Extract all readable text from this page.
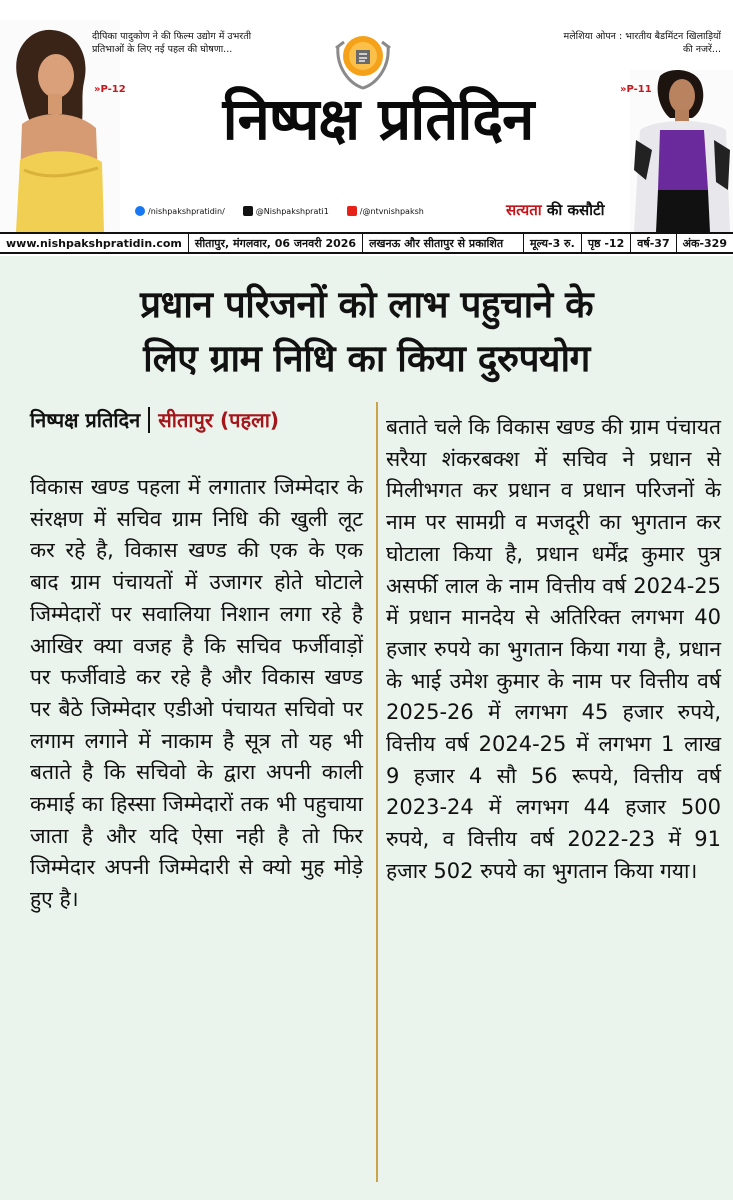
दीपिका पादुकोण ने की फिल्म उद्योग में उभरती प्रतिभाओं के लिए नई पहल की घोषणा...
»P-12
मलेशिया ओपन : भारतीय बैडमिंटन खिलाड़ियों की नजरें...
»P-11
निष्पक्ष प्रतिदिन
/nishpakshpratidin/	@Nishpakshprati1	/@ntvnishpaksh	सत्यता की कसौटी
www.nishpakshpratidin.com	सीतापुर, मंगलवार, 06 जनवरी 2026	लखनऊ और सीतापुर से प्रकाशित	मूल्य-3 रु.	पृष्ठ -12	वर्ष-37	अंक-329
प्रधान परिजनों को लाभ पहुचाने के
लिए ग्राम निधि का किया दुरुपयोग
निष्पक्ष प्रतिदिन सीतापुर (पहला)
विकास खण्ड पहला में लगातार जिम्मेदार के संरक्षण में सचिव ग्राम निधि की खुली लूट कर रहे है, विकास खण्ड की एक के एक बाद ग्राम पंचायतों में उजागर होते घोटाले जिम्मेदारों पर सवालिया निशान लगा रहे है आखिर क्या वजह है कि सचिव फर्जीवाड़ों पर फर्जीवाडे कर रहे है और विकास खण्ड पर बैठे जिम्मेदार एडीओ पंचायत सचिवो पर लगाम लगाने में नाकाम है सूत्र तो यह भी बताते है कि सचिवो के द्वारा अपनी काली कमाई का हिस्सा जिम्मेदारों तक भी पहुचाया जाता है और यदि ऐसा नही है तो फिर जिम्मेदार अपनी जिम्मेदारी से क्यो मुह मोड़े हुए है।
बताते चले कि विकास खण्ड की ग्राम पंचायत सरैया शंकरबक्श में सचिव ने प्रधान से मिलीभगत कर प्रधान व प्रधान परिजनों के नाम पर सामग्री व मजदूरी का भुगतान कर घोटाला किया है, प्रधान धर्मेंद्र कुमार पुत्र असर्फी लाल के नाम वित्तीय वर्ष 2024-25 में प्रधान मानदेय से अतिरिक्त लगभग 40 हजार रुपये का भुगतान किया गया है, प्रधान के भाई उमेश कुमार के नाम पर वित्तीय वर्ष 2025-26 में लगभग 45 हजार रुपये, वित्तीय वर्ष 2024-25 में लगभग 1 लाख 9 हजार 4 सौ 56 रूपये, वित्तीय वर्ष 2023-24 में लगभग 44 हजार 500 रुपये, व वित्तीय वर्ष 2022-23 में 91 हजार 502 रुपये का भुगतान किया गया।
